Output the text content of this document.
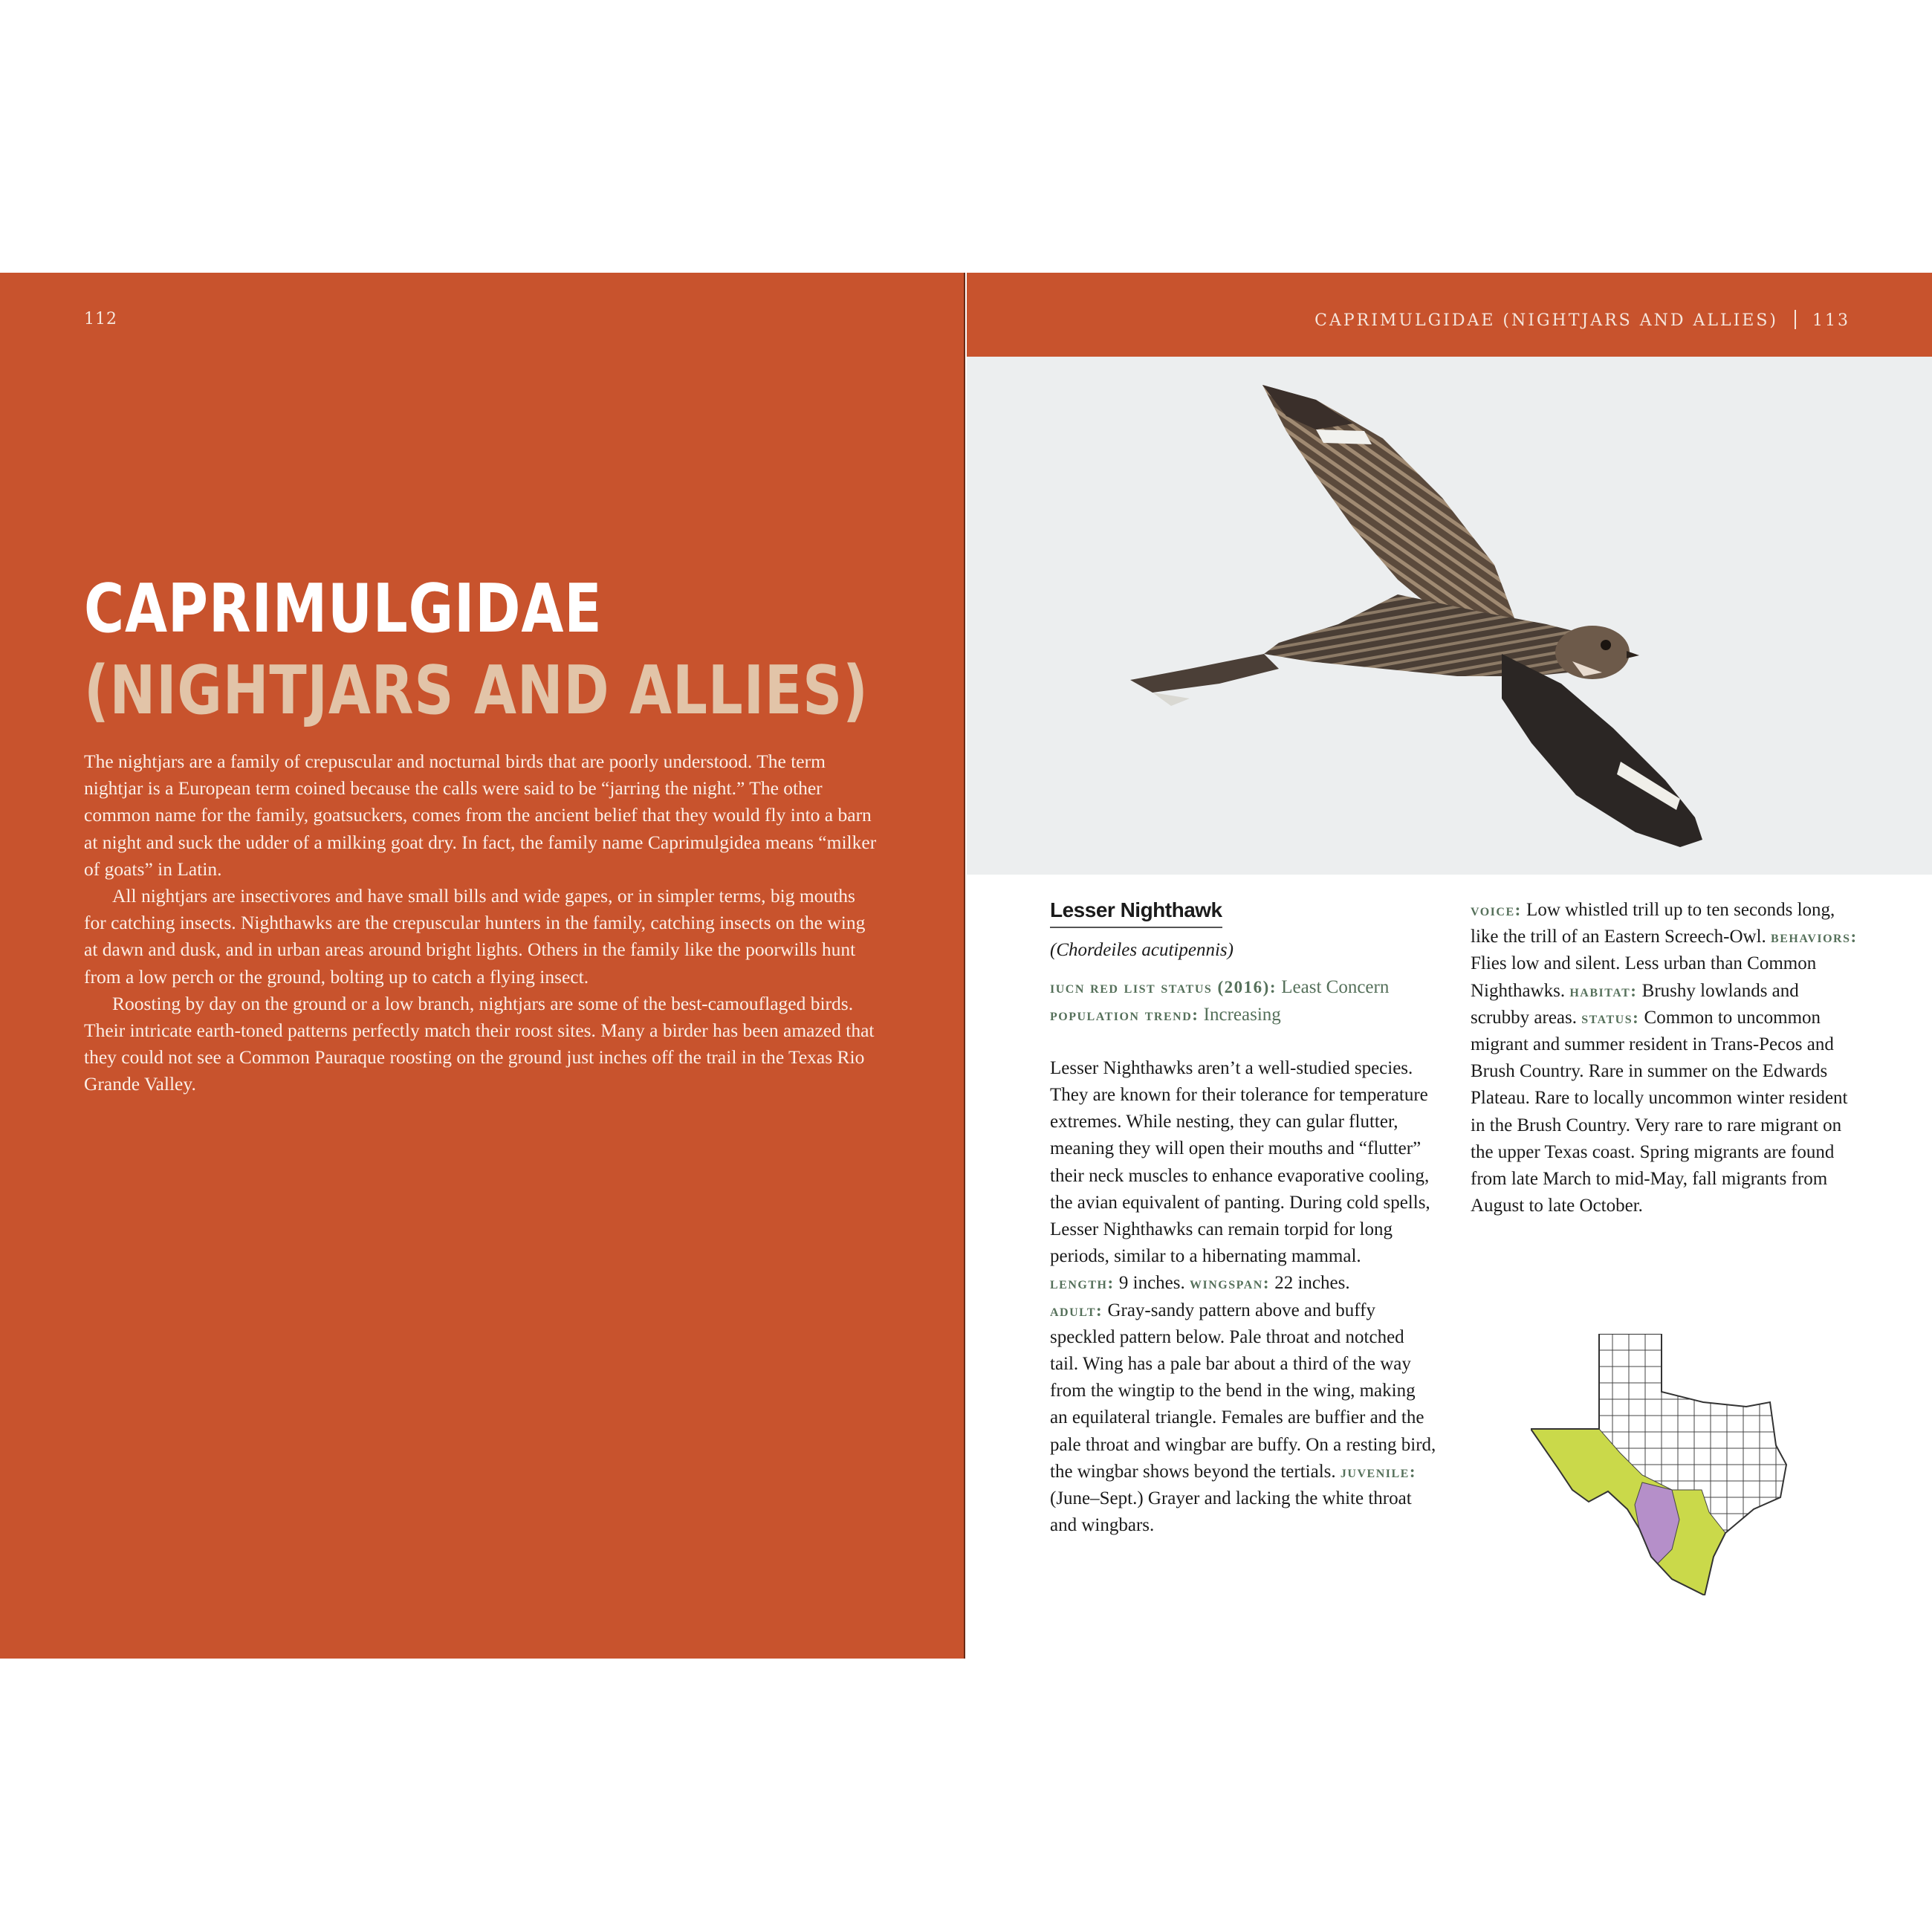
112
CAPRIMULGIDAE
(NIGHTJARS AND ALLIES)

The nightjars are a family of crepuscular and nocturnal birds that are poorly understood. The term nightjar is a European term coined because the calls were said to be “jarring the night.” The other common name for the family, goatsuckers, comes from the ancient belief that they would fly into a barn at night and suck the udder of a milking goat dry. In fact, the family name Caprimulgidea means “milker of goats” in Latin.

All nightjars are insectivores and have small bills and wide gapes, or in simpler terms, big mouths for catching insects. Nighthawks are the crepuscular hunters in the family, catching insects on the wing at dawn and dusk, and in urban areas around bright lights. Others in the family like the poorwills hunt from a low perch or the ground, bolting up to catch a flying insect.

Roosting by day on the ground or a low branch, nightjars are some of the best-camouflaged birds. Their intricate earth-toned patterns perfectly match their roost sites. Many a birder has been amazed that they could not see a Common Pauraque roosting on the ground just inches off the trail in the Texas Rio Grande Valley.

CAPRIMULGIDAE (NIGHTJARS AND ALLIES) 113
Lesser Nighthawk
(Chordeiles acutipennis)

iucn red list status (2016): Least Concern

population trend: Increasing

Lesser Nighthawks aren’t a well-studied species. They are known for their tolerance for temperature extremes. While nesting, they can gular flutter, meaning they will open their mouths and “flutter” their neck muscles to enhance evaporative cooling, the avian equivalent of panting. During cold spells, Lesser Nighthawks can remain torpid for long periods, similar to a hibernating mammal.

length: 9 inches. wingspan: 22 inches.

adult: Gray-sandy pattern above and buffy speckled pattern below. Pale throat and notched tail. Wing has a pale bar about a third of the way from the wingtip to the bend in the wing, making an equilateral triangle. Females are buffier and the pale throat and wingbar are buffy. On a resting bird, the wingbar shows beyond the tertials. juvenile: (June–Sept.) Grayer and lacking the white throat and wingbars.

voice: Low whistled trill up to ten seconds long, like the trill of an Eastern Screech-Owl. behaviors: Flies low and silent. Less urban than Common Nighthawks. habitat: Brushy lowlands and scrubby areas. status: Common to uncommon migrant and summer resident in Trans-Pecos and Brush Country. Rare in summer on the Edwards Plateau. Rare to locally uncommon winter resident in the Brush Country. Very rare to rare migrant on the upper Texas coast. Spring migrants are found from late March to mid-May, fall migrants from August to late October.
